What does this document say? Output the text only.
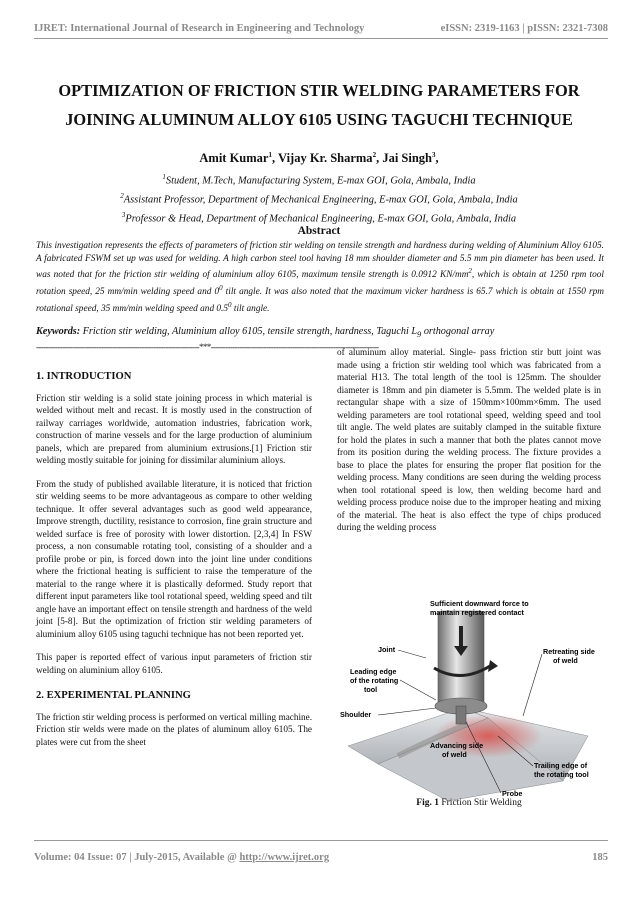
IJRET: International Journal of Research in Engineering and Technology	eISSN: 2319-1163 | pISSN: 2321-7308
OPTIMIZATION OF FRICTION STIR WELDING PARAMETERS FOR
JOINING ALUMINUM ALLOY 6105 USING TAGUCHI TECHNIQUE
Amit Kumar$^1$, Vijay Kr. Sharma$^2$, Jai Singh$^3$,
$^1$Student, M.Tech, Manufacturing System, E-max GOI, Gola, Ambala, India
$^2$Assistant Professor, Department of Mechanical Engineering, E-max GOI, Gola, Ambala, India
$^3$Professor & Head, Department of Mechanical Engineering, E-max GOI, Gola, Ambala, India
Abstract
This investigation represents the effects of parameters of friction stir welding on tensile strength and hardness during welding of Aluminium Alloy 6105. A fabricated FSWM set up was used for welding. A high carbon steel tool having 18 mm shoulder diameter and 5.5 mm pin diameter has been used. It was noted that for the friction stir welding of aluminium alloy 6105, maximum tensile strength is 0.0912 $KN/mm^2$, which is obtain at 1250 rpm tool rotation speed, 25 mm/min welding speed and $0^0$ tilt angle. It was also noted that the maximum vicker hardness is 65.7 which is obtain at 1550 rpm rotational speed, 35 mm/min welding speed and $0.5^0$ tilt angle.
Keywords: Friction stir welding, Aluminium alloy 6105, tensile strength, hardness, Taguchi $L_9$ orthogonal array
--------------------------------------------------------------------***----------------------------------------------------------------------
1. INTRODUCTION

Friction stir welding is a solid state joining process in which material is welded without melt and recast. It is mostly used in the construction of railway carriages worldwide, automation industries, fabrication work, construction of marine vessels and for the large production of aluminium panels, which are prepared from aluminium extrusions.[1] Friction stir welding mostly suitable for joining for dissimilar aluminium alloys.

From the study of published available literature, it is noticed that friction stir welding seems to be more advantageous as compare to other welding technique. It offer several advantages such as good weld appearance, Improve strength, ductility, resistance to corrosion, fine grain structure and welded surface is free of porosity with lower distortion. [2,3,4] In FSW process, a non consumable rotating tool, consisting of a shoulder and a profile probe or pin, is forced down into the joint line under conditions where the frictional heating is sufficient to raise the temperature of the material to the range where it is plastically deformed. Study report that different input parameters like tool rotational speed, welding speed and tilt angle have an important effect on tensile strength and hardness of the weld joint [5-8]. But the optimization of friction stir welding parameters of aluminium alloy 6105 using taguchi technique has not been reported yet.

This paper is reported effect of various input parameters of friction stir welding on aluminium alloy 6105.

2. EXPERIMENTAL PLANNING

The friction stir welding process is performed on vertical milling machine. Friction stir welds were made on the plates of aluminum alloy 6105. The plates were cut from the sheet

of aluminum alloy material. Single- pass friction stir butt joint was made using a friction stir welding tool which was fabricated from a material H13. The total length of the tool is 125mm. The shoulder diameter is 18mm and pin diameter is 5.5mm. The welded plate is in rectangular shape with a size of 150mm×100mm×6mm. The used welding parameters are tool rotational speed, welding speed and tool tilt angle. The weld plates are suitably clamped in the suitable fixture for hold the plates in such a manner that both the plates cannot move from its position during the welding process. The fixture provides a base to place the plates for ensuring the proper flat position for the welding process. Many conditions are seen during the welding process when tool rotational speed is low, then welding become hard and welding process produce noise due to the improper heating and mixing of the material. The heat is also effect the type of chips produced during the welding process

Sufficient downward force to
maintain registered contact
Joint	Retreating side
of weld
Leading edge
of the rotating
tool
Shoulder
Advancing side
of weld
Trailing edge of
the rotating tool
Probe
Fig. 1 Friction Stir Welding
Volume: 04 Issue: 07 | July-2015, Available @ http://www.ijret.org	185
